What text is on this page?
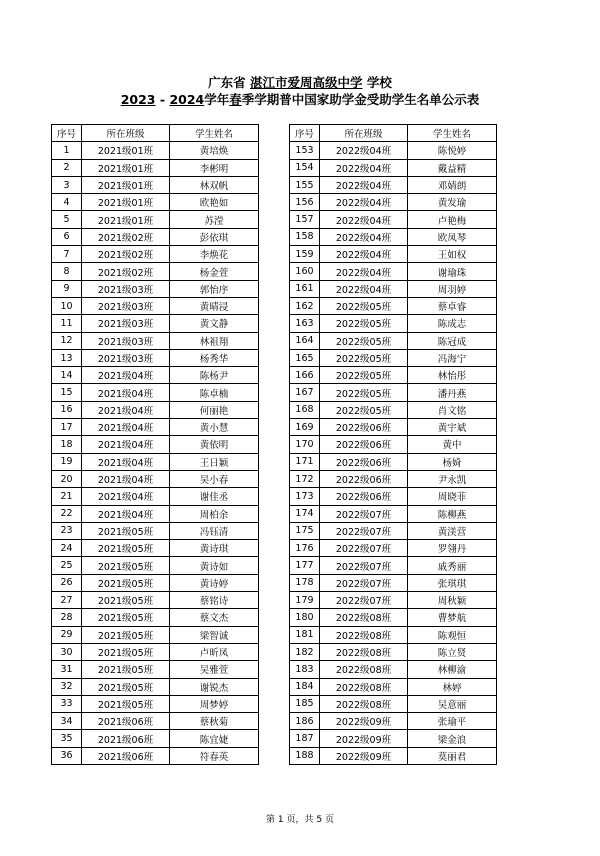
广东省 湛江市爱周高级中学 学校
2023 - 2024学年春季学期普中国家助学金受助学生名单公示表
序号	所在班级	学生姓名
1	2021级01班	黄培焕
2	2021级01班	李彬明
3	2021级01班	林双帆
4	2021级01班	欧艳如
5	2021级01班	苏滢
6	2021级02班	彭依琪
7	2021级02班	李焕花
8	2021级02班	杨金萱
9	2021级03班	郭怡序
10	2021级03班	黄晴浸
11	2021级03班	黄文静
12	2021级03班	林祖翔
13	2021级03班	杨秀华
14	2021级04班	陈杨尹
15	2021级04班	陈卓楠
16	2021级04班	何丽艳
17	2021级04班	黄小慧
18	2021级04班	黄依明
19	2021级04班	王日颖
20	2021级04班	吴小春
21	2021级04班	谢佳丞
22	2021级04班	周柏余
23	2021级05班	冯钰清
24	2021级05班	黄诗琪
25	2021级05班	黄诗如
26	2021级05班	黄诗婷
27	2021级05班	蔡铭诗
28	2021级05班	蔡文杰
29	2021级05班	梁智诚
30	2021级05班	卢昕凤
31	2021级05班	吴雅萱
32	2021级05班	谢锐杰
33	2021级05班	周梦婷
34	2021级06班	蔡秋菊
35	2021级06班	陈宜婕
36	2021级06班	符春英
序号	所在班级	学生姓名
153	2022级04班	陈悦婷
154	2022级04班	戴益精
155	2022级04班	邓婧朗
156	2022级04班	黄发瑜
157	2022级04班	卢艳梅
158	2022级04班	欧凤琴
159	2022级04班	王如权
160	2022级04班	谢瑜珠
161	2022级04班	周羽婷
162	2022级05班	蔡卓睿
163	2022级05班	陈成志
164	2022级05班	陈冠成
165	2022级05班	冯海宁
166	2022级05班	林怡彤
167	2022级05班	潘丹燕
168	2022级05班	肖文铭
169	2022级06班	黄宇斌
170	2022级06班	黄中
171	2022级06班	杨婍
172	2022级06班	尹永凯
173	2022级06班	周晓菲
174	2022级07班	陈柳燕
175	2022级07班	黄渼营
176	2022级07班	罗翎丹
177	2022级07班	戚秀丽
178	2022级07班	张琪琪
179	2022级07班	周秋颖
180	2022级08班	曹梦航
181	2022级08班	陈观恒
182	2022级08班	陈立贤
183	2022级08班	林柳渝
184	2022级08班	林婷
185	2022级08班	吴意丽
186	2022级09班	张瑜平
187	2022级09班	梁金浪
188	2022级09班	莫丽君
第 1 页，共 5 页
